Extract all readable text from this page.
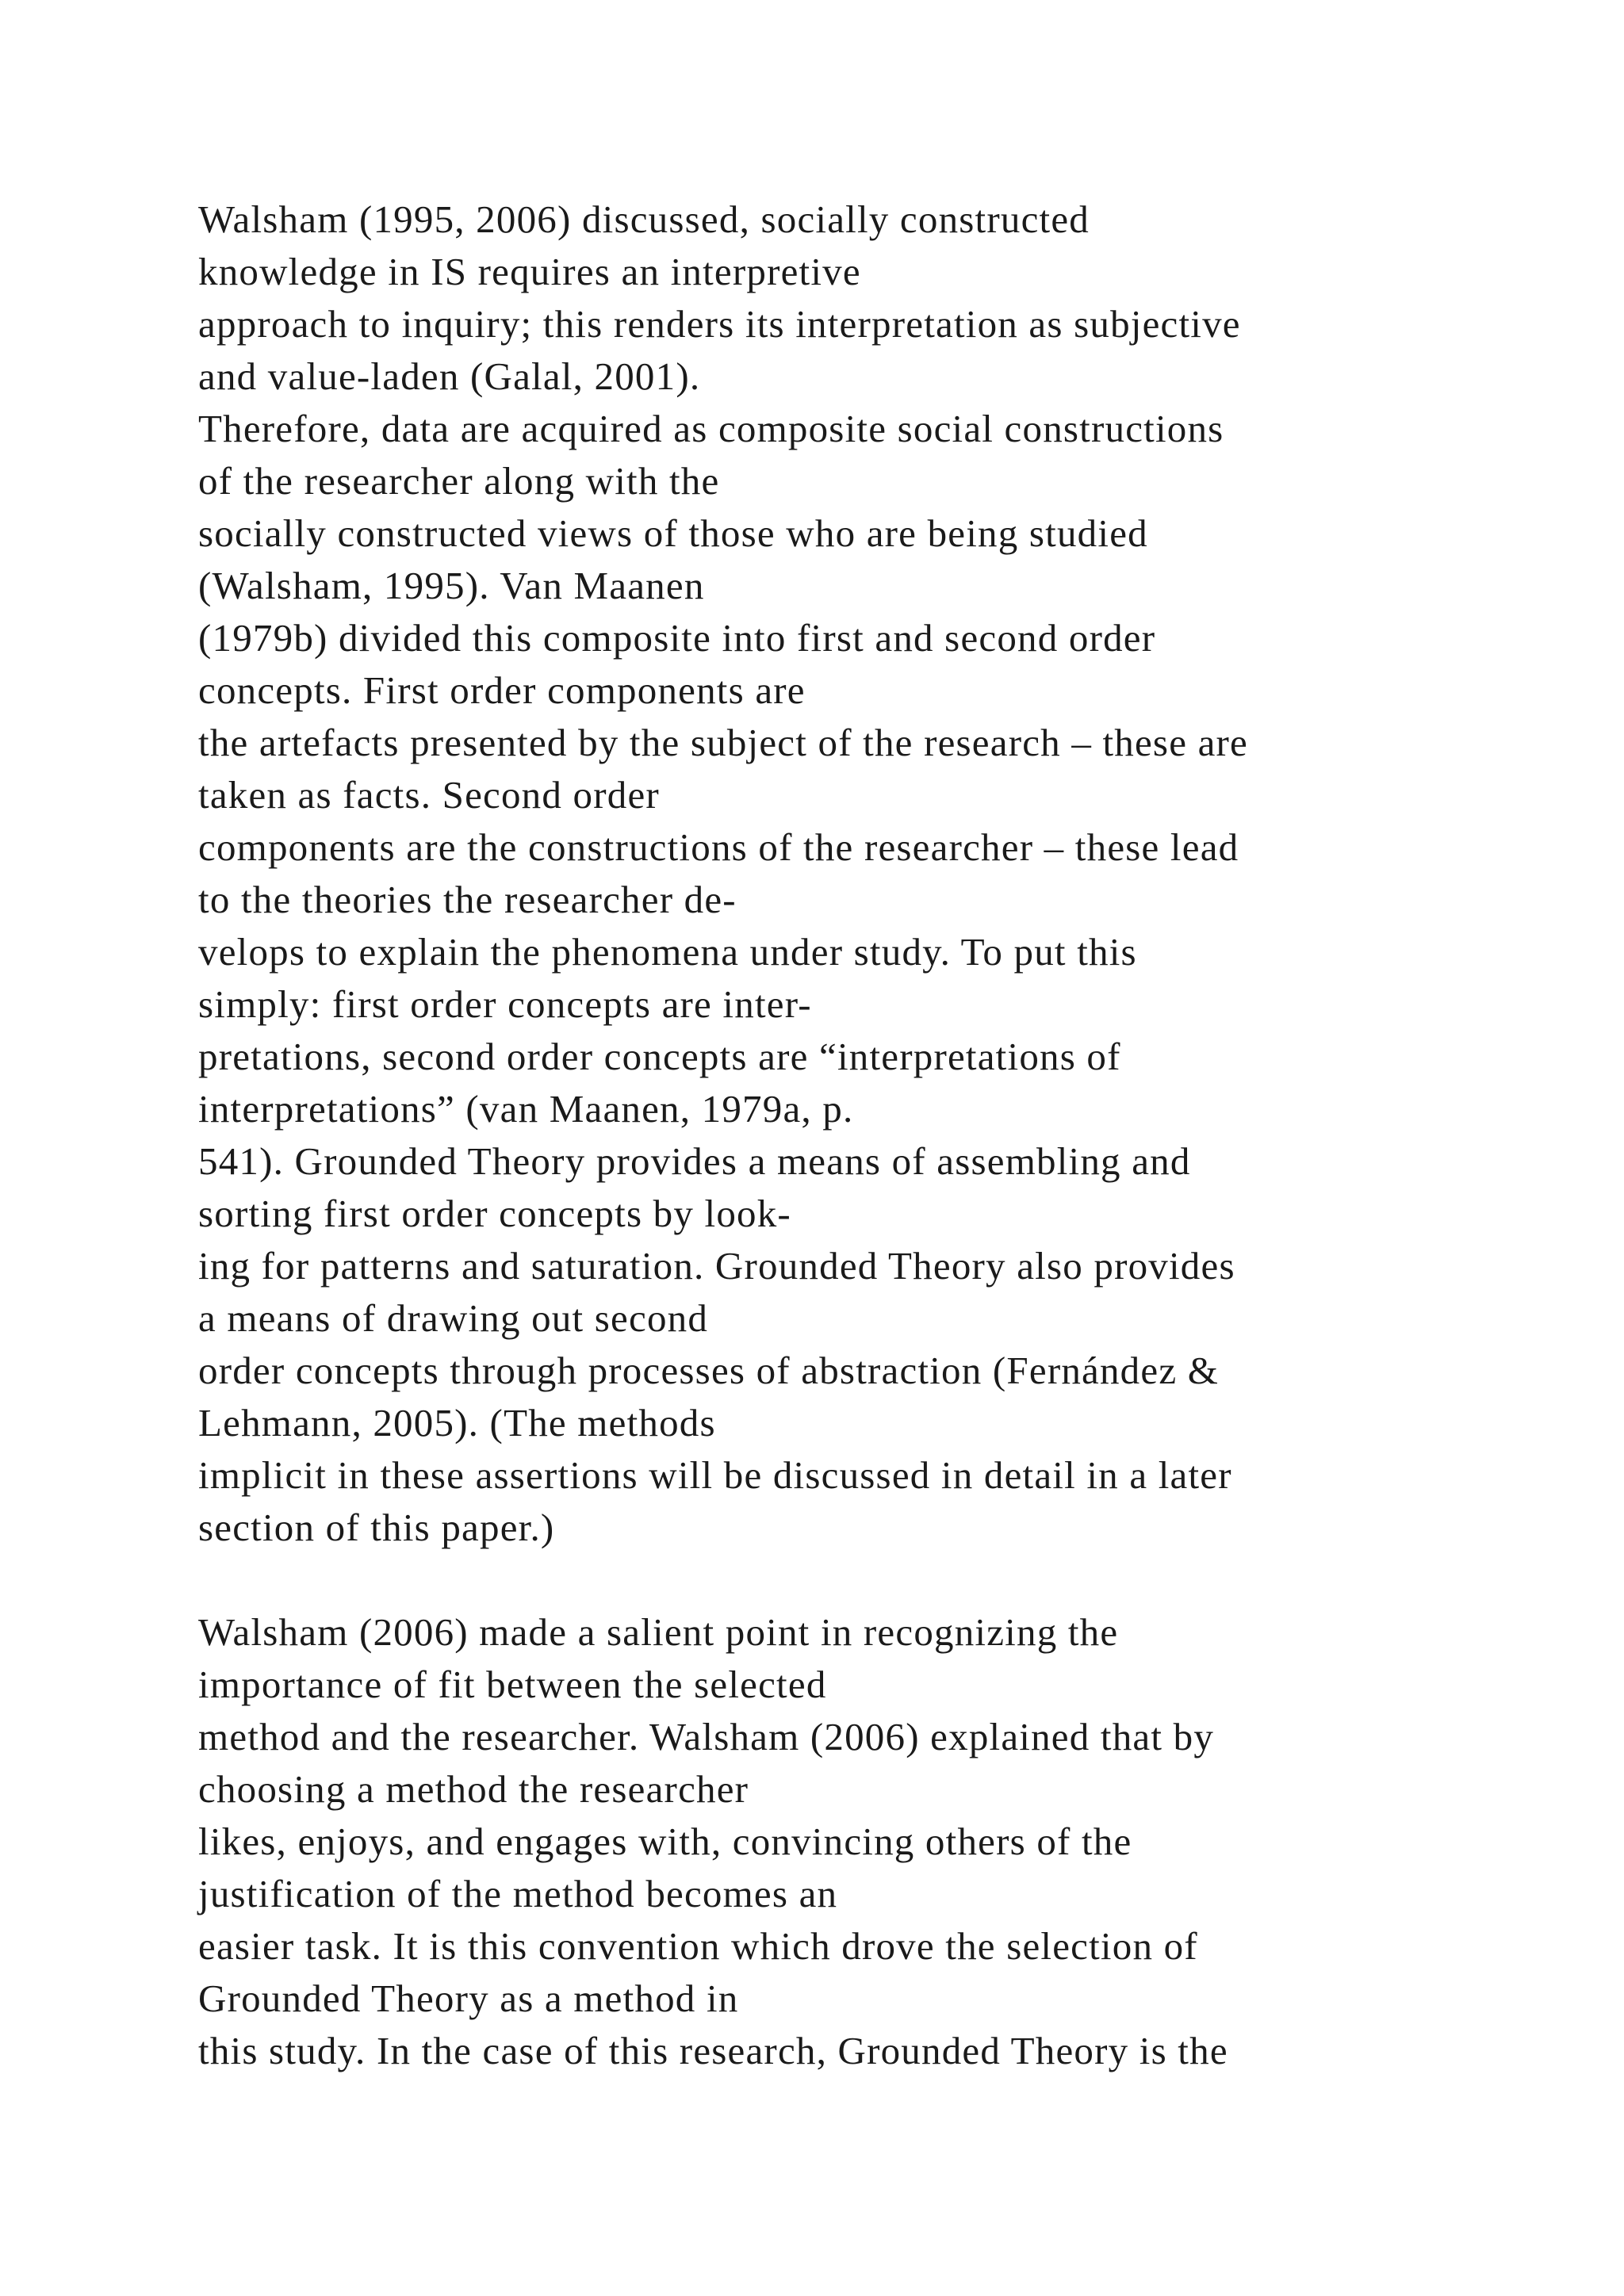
Walsham (1995, 2006) discussed, socially constructed
knowledge in IS requires an interpretive
approach to inquiry; this renders its interpretation as subjective
and value-laden (Galal, 2001).
Therefore, data are acquired as composite social constructions
of the researcher along with the
socially constructed views of those who are being studied
(Walsham, 1995). Van Maanen
(1979b) divided this composite into first and second order
concepts. First order components are
the artefacts presented by the subject of the research – these are
taken as facts. Second order
components are the constructions of the researcher – these lead
to the theories the researcher de-
velops to explain the phenomena under study. To put this
simply: first order concepts are inter-
pretations, second order concepts are “interpretations of
interpretations” (van Maanen, 1979a, p.
541). Grounded Theory provides a means of assembling and
sorting first order concepts by look-
ing for patterns and saturation. Grounded Theory also provides
a means of drawing out second
order concepts through processes of abstraction (Fernández &
Lehmann, 2005). (The methods
implicit in these assertions will be discussed in detail in a later
section of this paper.)
Walsham (2006) made a salient point in recognizing the
importance of fit between the selected
method and the researcher. Walsham (2006) explained that by
choosing a method the researcher
likes, enjoys, and engages with, convincing others of the
justification of the method becomes an
easier task. It is this convention which drove the selection of
Grounded Theory as a method in
this study. In the case of this research, Grounded Theory is the
